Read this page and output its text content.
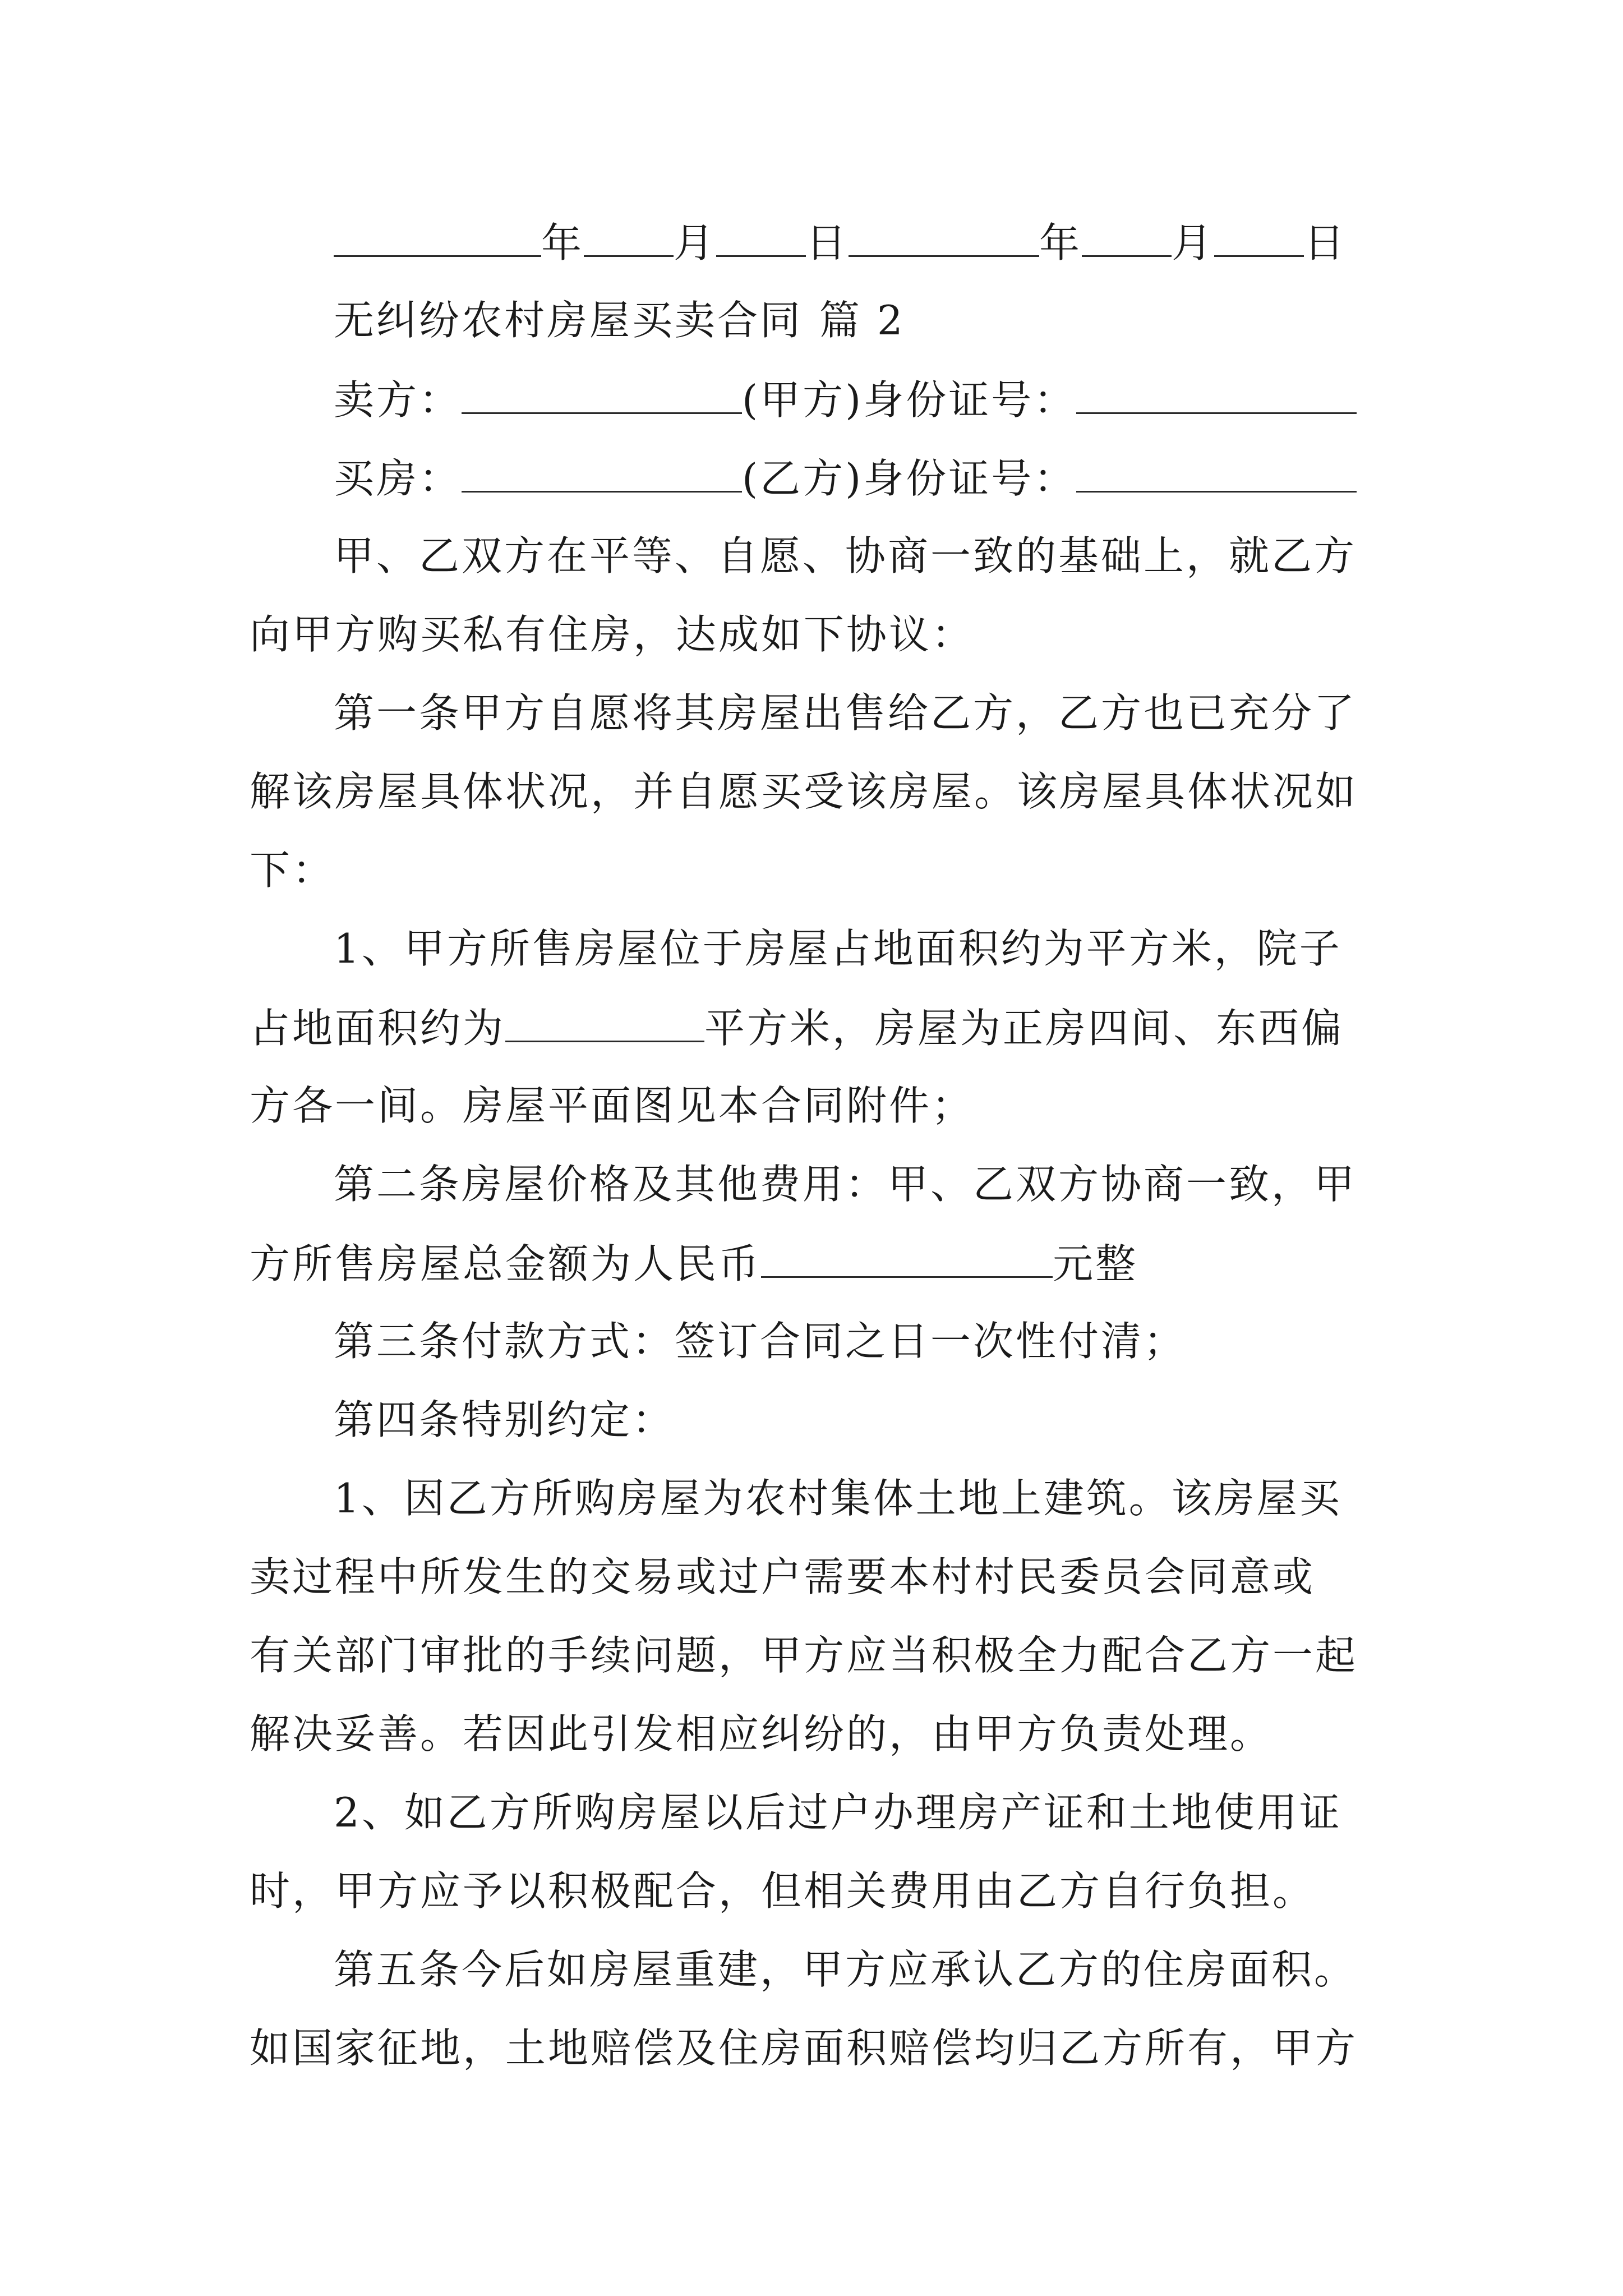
年 月 日	年 月 日
无纠纷农村房屋买卖合同 篇 2
卖方：	(甲方)身份证号：
买房：	(乙方)身份证号：
甲、乙双方在平等、自愿、协商一致的基础上，就乙方
向甲方购买私有住房，达成如下协议：
第一条甲方自愿将其房屋出售给乙方，乙方也已充分了
解该房屋具体状况，并自愿买受该房屋。该房屋具体状况如
下：
1、甲方所售房屋位于房屋占地面积约为平方米，院子
占地面积约为	平方米，房屋为正房四间、东西偏
方各一间。房屋平面图见本合同附件；
第二条房屋价格及其他费用：甲、乙双方协商一致，甲
方所售房屋总金额为人民币	元整
第三条付款方式：签订合同之日一次性付清；
第四条特别约定：
1、因乙方所购房屋为农村集体土地上建筑。该房屋买
卖过程中所发生的交易或过户需要本村村民委员会同意或
有关部门审批的手续问题，甲方应当积极全力配合乙方一起
解决妥善。若因此引发相应纠纷的，由甲方负责处理。
2、如乙方所购房屋以后过户办理房产证和土地使用证
时，甲方应予以积极配合，但相关费用由乙方自行负担。
第五条今后如房屋重建，甲方应承认乙方的住房面积。
如国家征地，土地赔偿及住房面积赔偿均归乙方所有，甲方
